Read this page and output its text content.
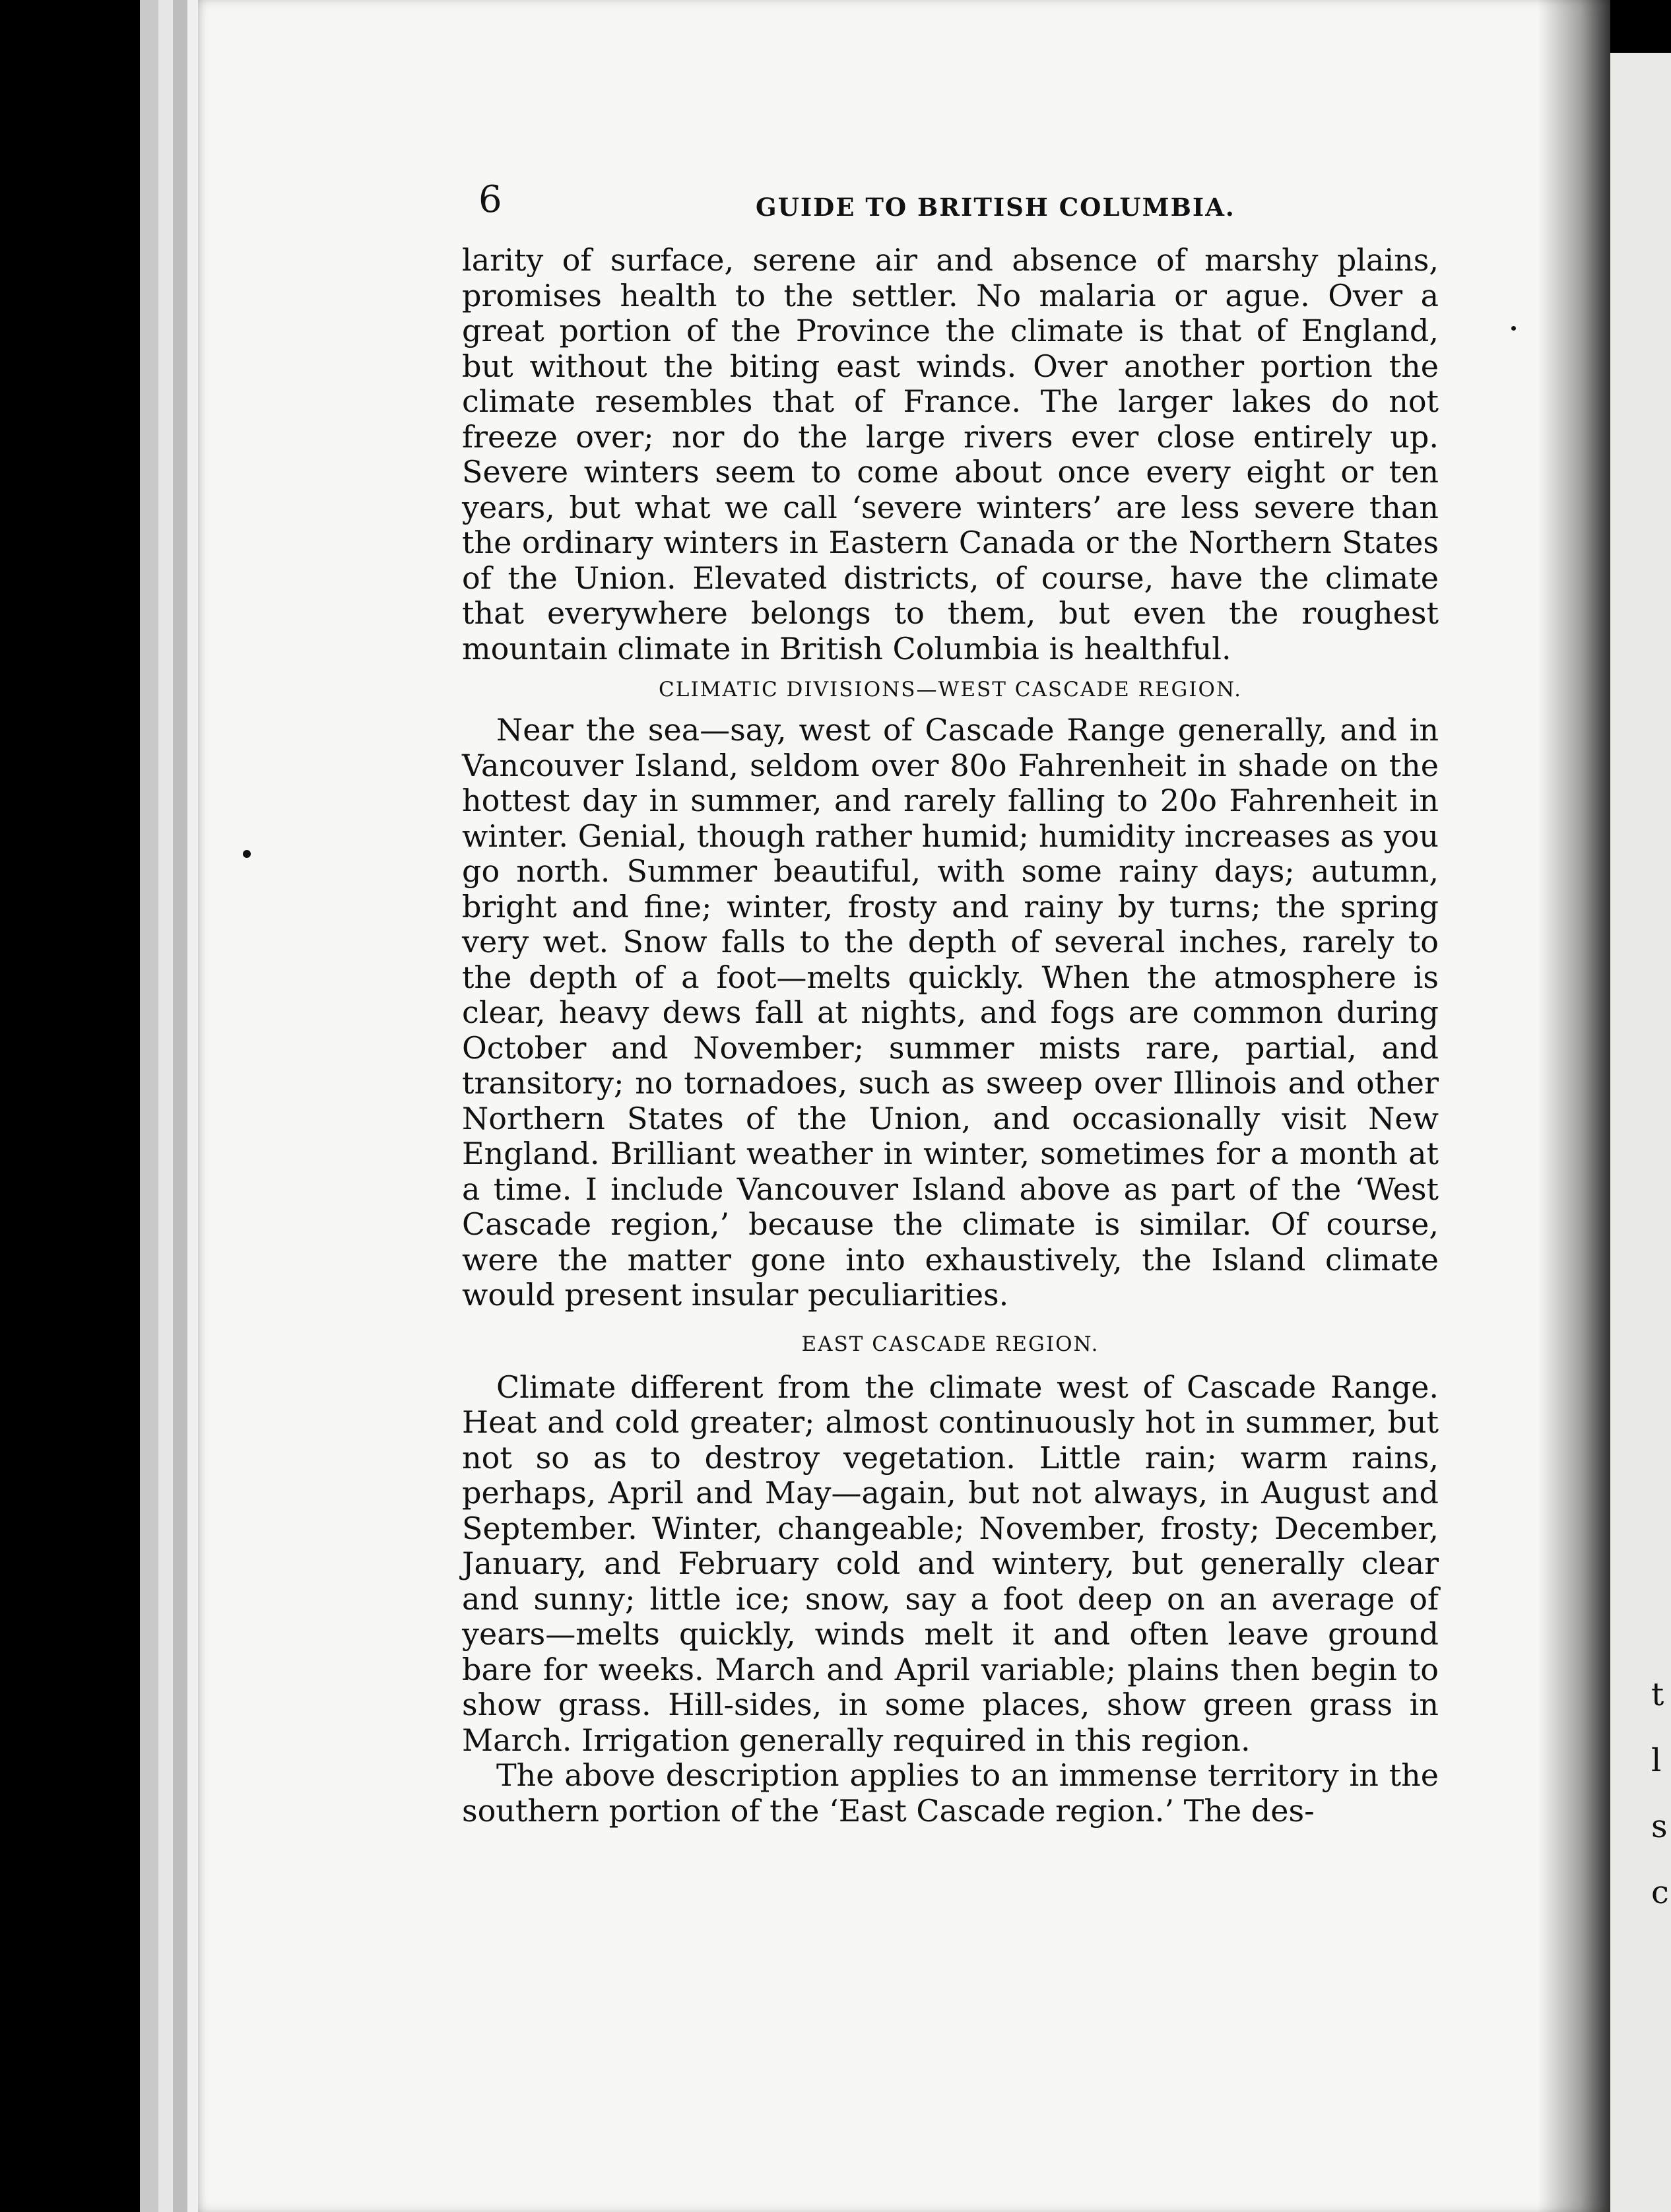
t
l
s
c
6	GUIDE TO BRITISH COLUMBIA.

larity of surface, serene air and absence of marshy plains, promises health to the settler. No malaria or ague. Over a great portion of the Province the climate is that of England, but without the biting east winds. Over another portion the climate resembles that of France. The larger lakes do not freeze over; nor do the large rivers ever close entirely up. Severe winters seem to come about once every eight or ten years, but what we call ‘severe winters’ are less severe than the ordinary winters in Eastern Canada or the Northern States of the Union. Elevated districts, of course, have the climate that everywhere belongs to them, but even the roughest mountain climate in British Columbia is healthful.

CLIMATIC DIVISIONS—WEST CASCADE REGION.

Near the sea—say, west of Cascade Range generally, and in Vancouver Island, seldom over 80o Fahrenheit in shade on the hottest day in summer, and rarely falling to 20o Fahrenheit in winter. Genial, though rather humid; humidity increases as you go north. Summer beautiful, with some rainy days; autumn, bright and fine; winter, frosty and rainy by turns; the spring very wet. Snow falls to the depth of several inches, rarely to the depth of a foot—melts quickly. When the atmosphere is clear, heavy dews fall at nights, and fogs are common during October and November; summer mists rare, partial, and transitory; no tornadoes, such as sweep over Illinois and other Northern States of the Union, and occasionally visit New England. Brilliant weather in winter, sometimes for a month at a time. I include Vancouver Island above as part of the ‘West Cascade region,’ because the climate is similar. Of course, were the matter gone into exhaustively, the Island climate would present insular peculiarities.

EAST CASCADE REGION.

Climate different from the climate west of Cascade Range. Heat and cold greater; almost continuously hot in summer, but not so as to destroy vegetation. Little rain; warm rains, perhaps, April and May—again, but not always, in August and September. Winter, changeable; November, frosty; December, January, and February cold and wintery, but generally clear and sunny; little ice; snow, say a foot deep on an average of years—melts quickly, winds melt it and often leave ground bare for weeks. March and April variable; plains then begin to show grass. Hill-sides, in some places, show green grass in March. Irrigation generally required in this region.

The above description applies to an immense territory in the southern portion of the ‘East Cascade region.’ The des-
